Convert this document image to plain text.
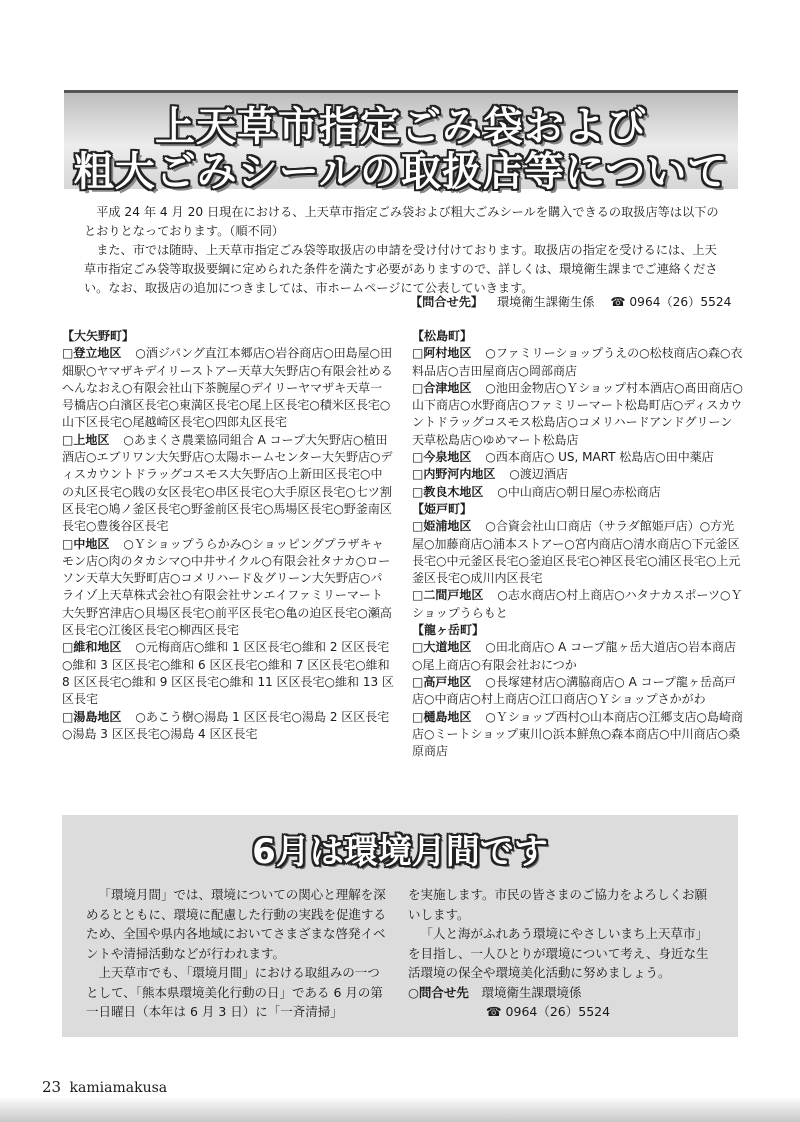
上天草市指定ごみ袋および
粗大ごみシールの取扱店等について

平成 24 年 4 月 20 日現在における、上天草市指定ごみ袋および粗大ごみシールを購入できるの取扱店等は以下のとおりとなっております。（順不同）

また、市では随時、上天草市指定ごみ袋等取扱店の申請を受け付けております。取扱店の指定を受けるには、上天草市指定ごみ袋等取扱要綱に定められた条件を満たす必要がありますので、詳しくは、環境衛生課までご連絡ください。なお、取扱店の追加につきましては、市ホームページにて公表していきます。

【問合せ先】 環境衛生課衛生係 ☎ 0964（26）5524

【大矢野町】

□登立地区 ○酒ジパング直江本郷店○岩谷商店○田島屋○田畑駅○ヤマザキデイリーストアー天草大矢野店○有限会社めるへんなおえ○有限会社山下茶腕屋○デイリーヤマザキ天草一号橋店○白濱区長宅○東満区長宅○尾上区長宅○積米区長宅○山下区長宅○尾越崎区長宅○四郎丸区長宅

□上地区 ○あまくさ農業協同組合 A コープ大矢野店○植田酒店○エブリワン大矢野店○太陽ホームセンター大矢野店○ディスカウントドラッグコスモス大矢野店○上新田区長宅○中の丸区長宅○賎の女区長宅○串区長宅○大手原区長宅○七ツ割区長宅○鳩ノ釜区長宅○野釜前区長宅○馬場区長宅○野釜南区長宅○豊後谷区長宅

□中地区 ○Ｙショップうらかみ○ショッピングプラザキャモン店○肉のタカシマ○中井サイクル○有限会社タナカ○ローソン天草大矢野町店○コメリハード＆グリーン大矢野店○パライゾ上天草株式会社○有限会社サンエイファミリーマート大矢野宮津店○貝場区長宅○前平区長宅○亀の迫区長宅○瀬高区長宅○江後区長宅○柳西区長宅

□維和地区 ○元梅商店○維和 1 区区長宅○維和 2 区区長宅○維和 3 区区長宅○維和 6 区区長宅○維和 7 区区長宅○維和 8 区区長宅○維和 9 区区長宅○維和 11 区区長宅○維和 13 区区長宅

□湯島地区 ○あこう樹○湯島 1 区区長宅○湯島 2 区区長宅○湯島 3 区区長宅○湯島 4 区区長宅

【松島町】

□阿村地区 ○ファミリーショップうえの○松枝商店○森○衣料品店○吉田屋商店○岡部商店

□合津地区 ○池田金物店○Ｙショップ村本酒店○髙田商店○山下商店○水野商店○ファミリーマート松島町店○ディスカウントドラッグコスモス松島店○コメリハードアンドグリーン天草松島店○ゆめマート松島店

□今泉地区 ○西本商店○ US, MART 松島店○田中薬店

□内野河内地区 ○渡辺酒店

□教良木地区 ○中山商店○朝日屋○赤松商店

【姫戸町】

□姫浦地区 ○合資会社山口商店（サラダ館姫戸店）○方光屋○加藤商店○浦本ストアー○宮内商店○清水商店○下元釜区長宅○中元釜区長宅○釜迫区長宅○神区長宅○浦区長宅○上元釜区長宅○成川内区長宅

□二間戸地区 ○志水商店○村上商店○ハタナカスポーツ○Ｙショップうらもと

【龍ヶ岳町】

□大道地区 ○田北商店○ A コープ龍ヶ岳大道店○岩本商店○尾上商店○有限会社おにつか

□高戸地区 ○長塚建材店○溝脇商店○ A コープ龍ヶ岳高戸店○中商店○村上商店○江口商店○Ｙショップさかがわ

□樋島地区 ○Ｙショップ西村○山本商店○江郷支店○島崎商店○ミートショップ東川○浜本鮮魚○森本商店○中川商店○桑原商店

6月は環境月間です

「環境月間」では、環境についての関心と理解を深めるとともに、環境に配慮した行動の実践を促進するため、全国や県内各地域においてさまざまな啓発イベントや清掃活動などが行われます。

上天草市でも、「環境月間」における取組みの一つとして、「熊本県環境美化行動の日」である 6 月の第一日曜日（本年は 6 月 3 日）に「一斉清掃」

を実施します。市民の皆さまのご協力をよろしくお願いします。

「人と海がふれあう環境にやさしいまち上天草市」を目指し、一人ひとりが環境について考え、身近な生活環境の保全や環境美化活動に努めましょう。

○問合せ先　 環境衛生課環境係

☎ 0964（26）5524

23 kamiamakusa
